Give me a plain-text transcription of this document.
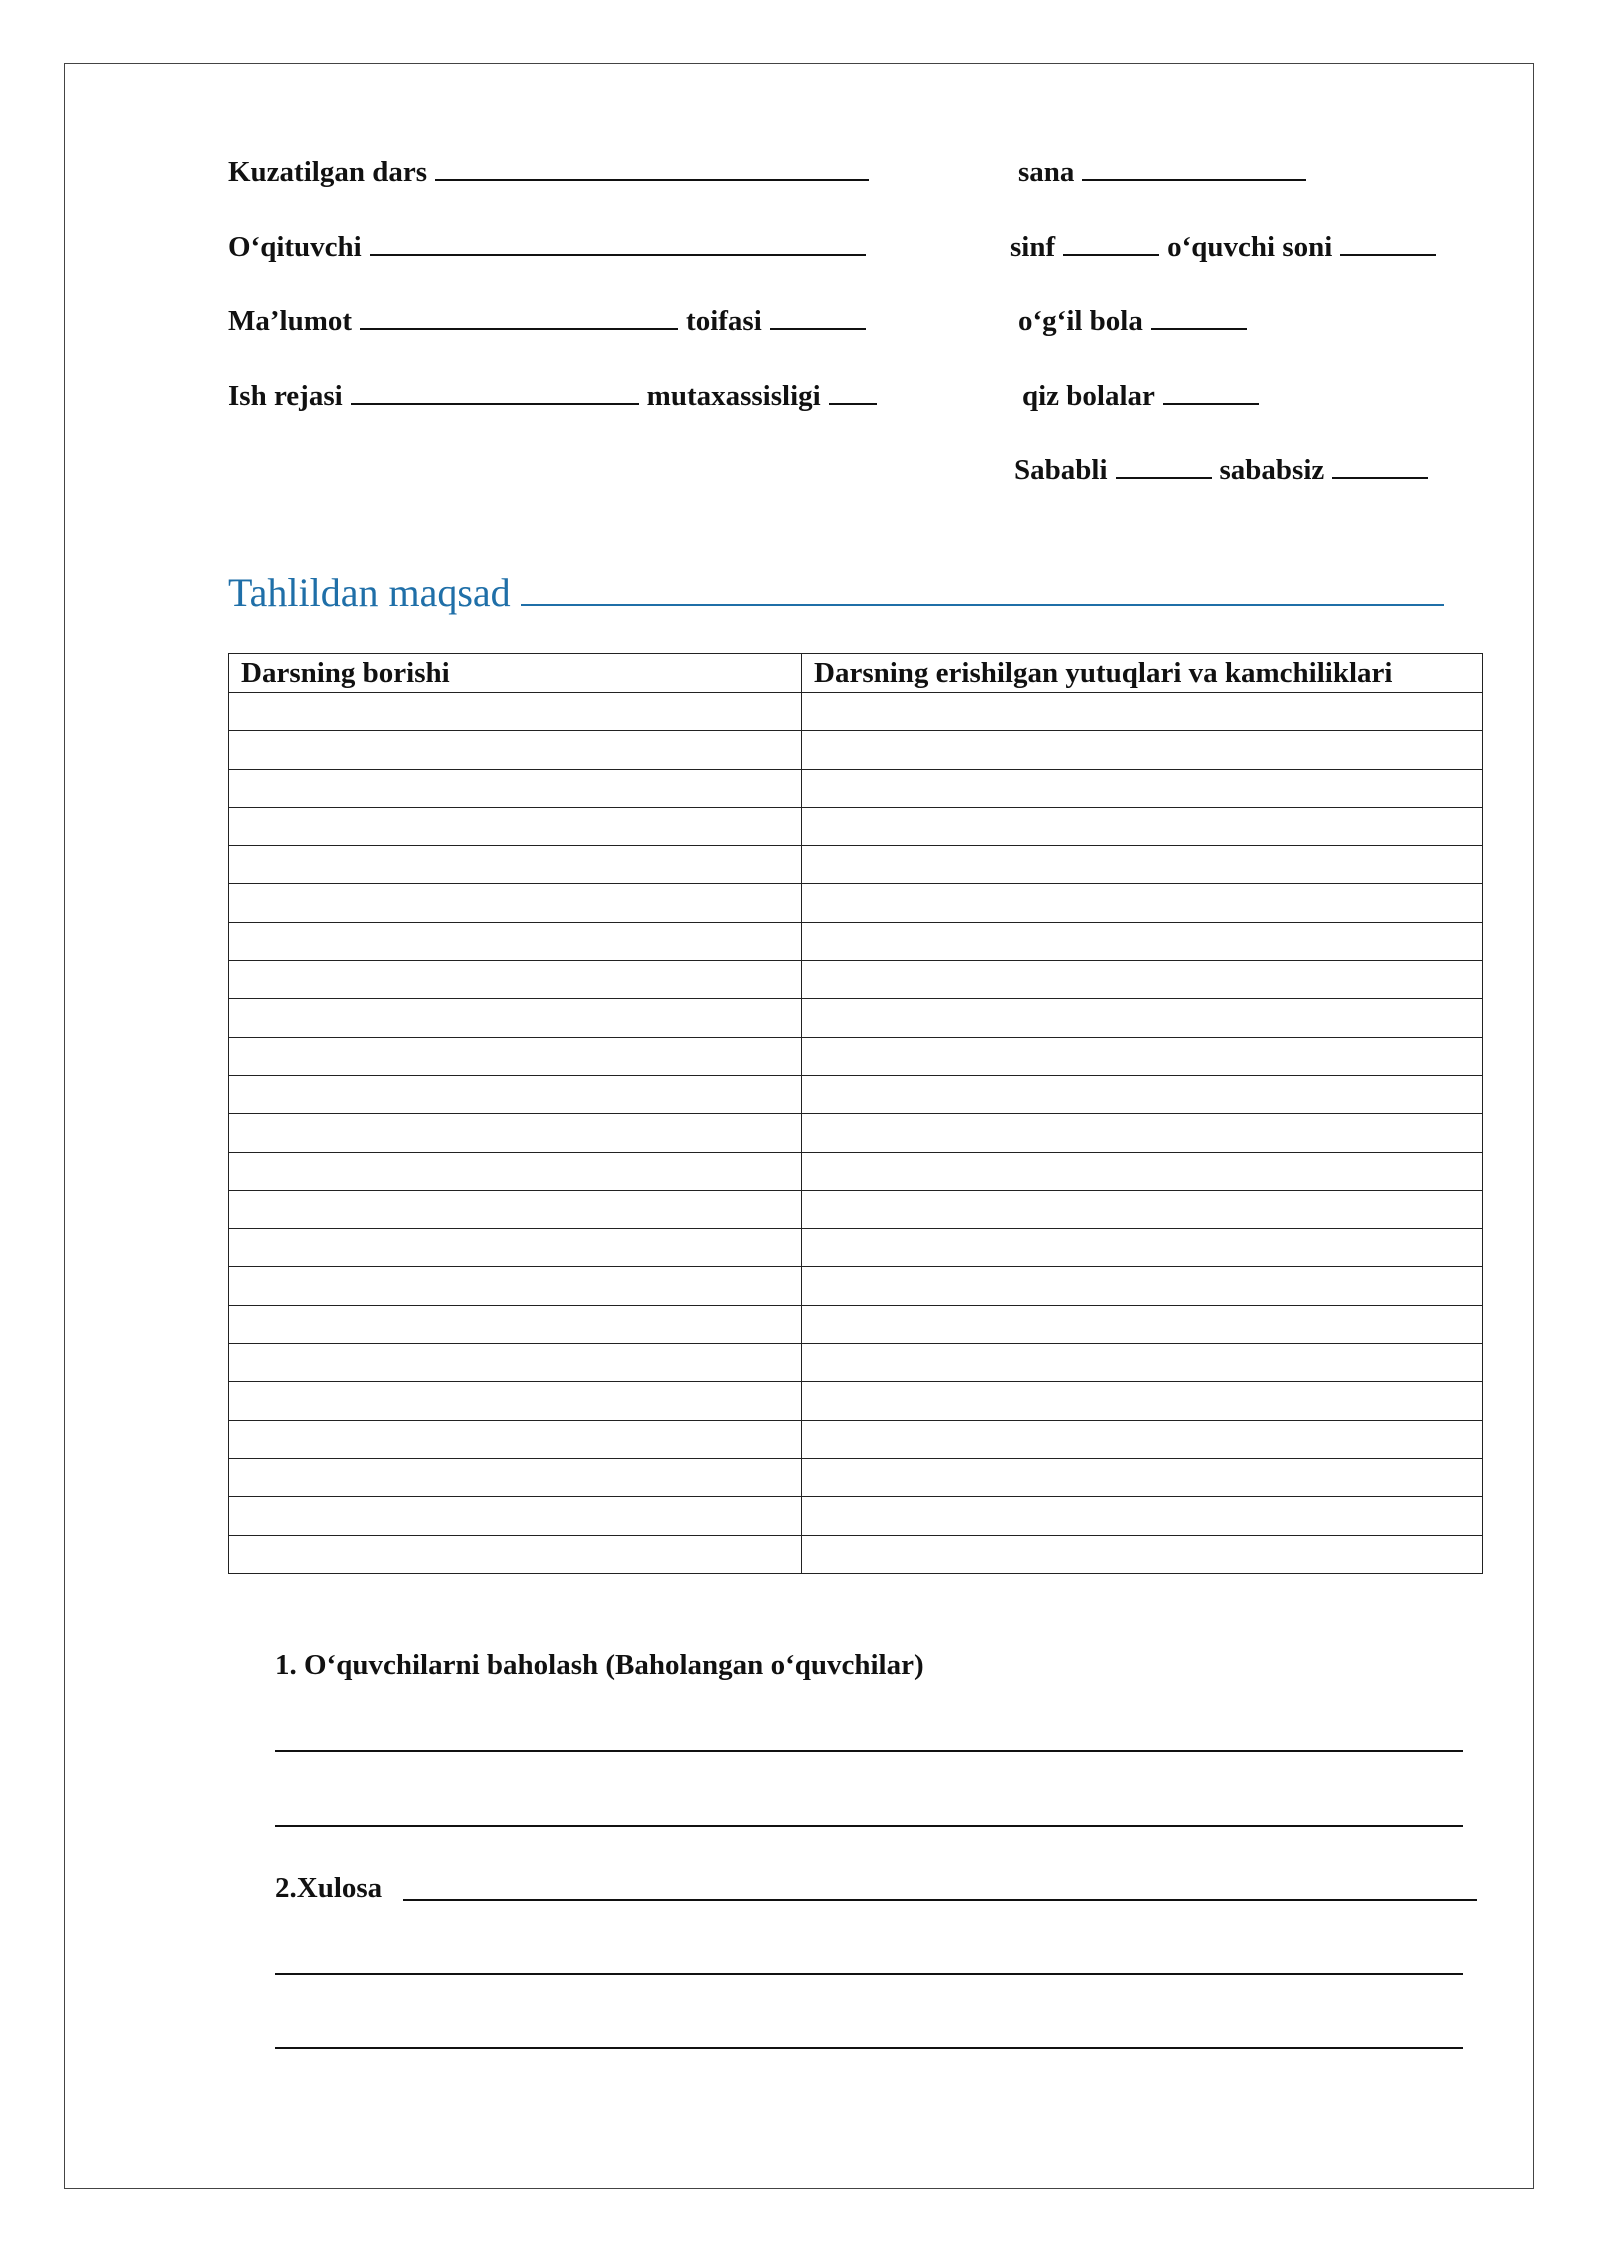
Kuzatilgan dars	sana
O‘qituvchi	sinf	o‘quvchi soni
Ma’lumot	toifasi	o‘g‘il bola
Ish rejasi	mutaxassisligi	qiz bolalar
Sababli	sababsiz
Tahlildan maqsad
Darsning borishi	Darsning erishilgan yutuqlari va kamchiliklari

1. O‘quvchilarni baholash (Baholangan o‘quvchilar)
2.Xulosa
